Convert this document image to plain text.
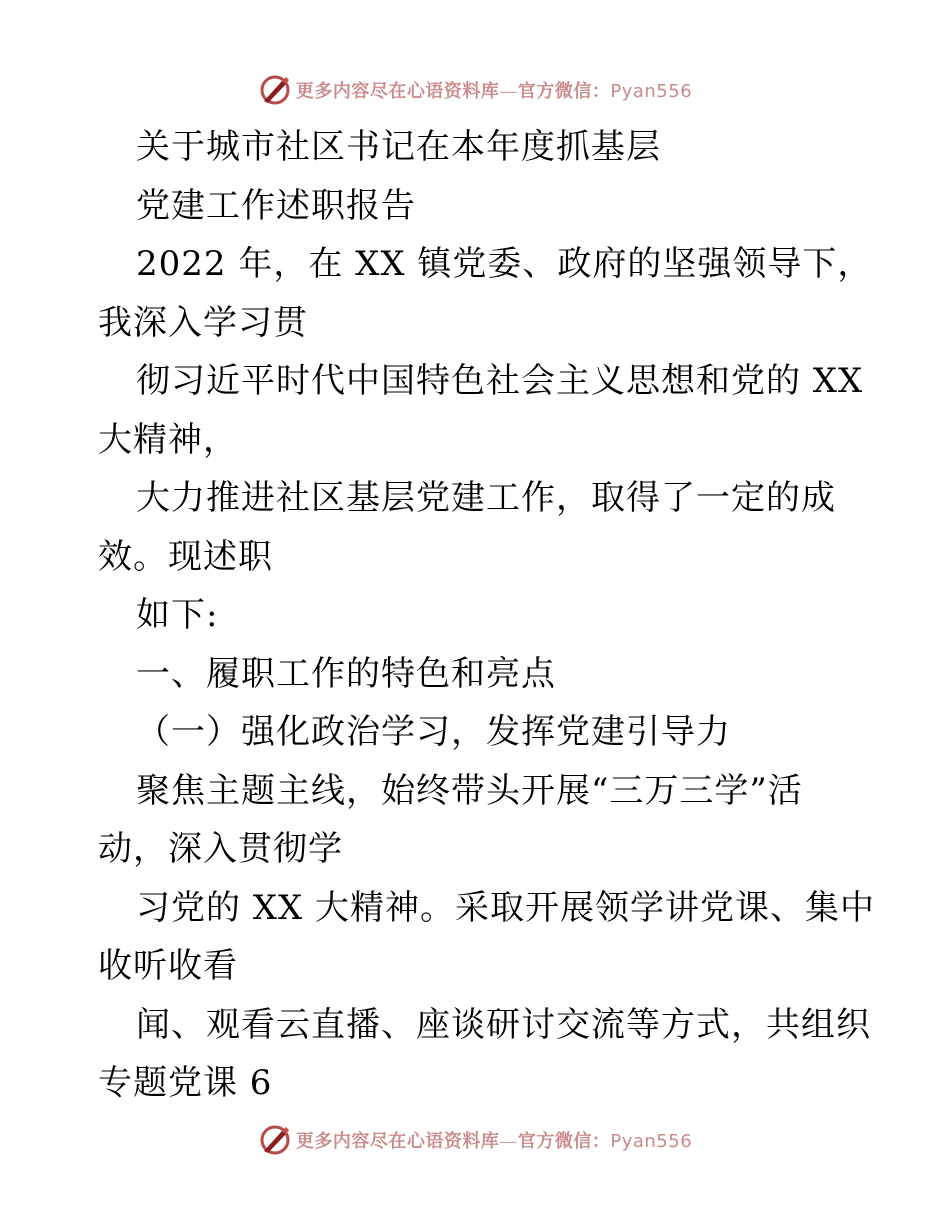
更多内容尽在心语资料库—官方微信：Pyan556
关于城市社区书记在本年度抓基层
党建工作述职报告
2022 年，在 XX 镇党委、政府的坚强领导下，
我深入学习贯
彻习近平时代中国特色社会主义思想和党的 XX
大精神，
大力推进社区基层党建工作，取得了一定的成
效。现述职
如下:
一、履职工作的特色和亮点
（一）强化政治学习，发挥党建引导力
聚焦主题主线，始终带头开展“三万三学”活
动，深入贯彻学
习党的 XX 大精神。采取开展领学讲党课、集中
收听收看
闻、观看云直播、座谈研讨交流等方式，共组织
专题党课 6
更多内容尽在心语资料库—官方微信：Pyan556
